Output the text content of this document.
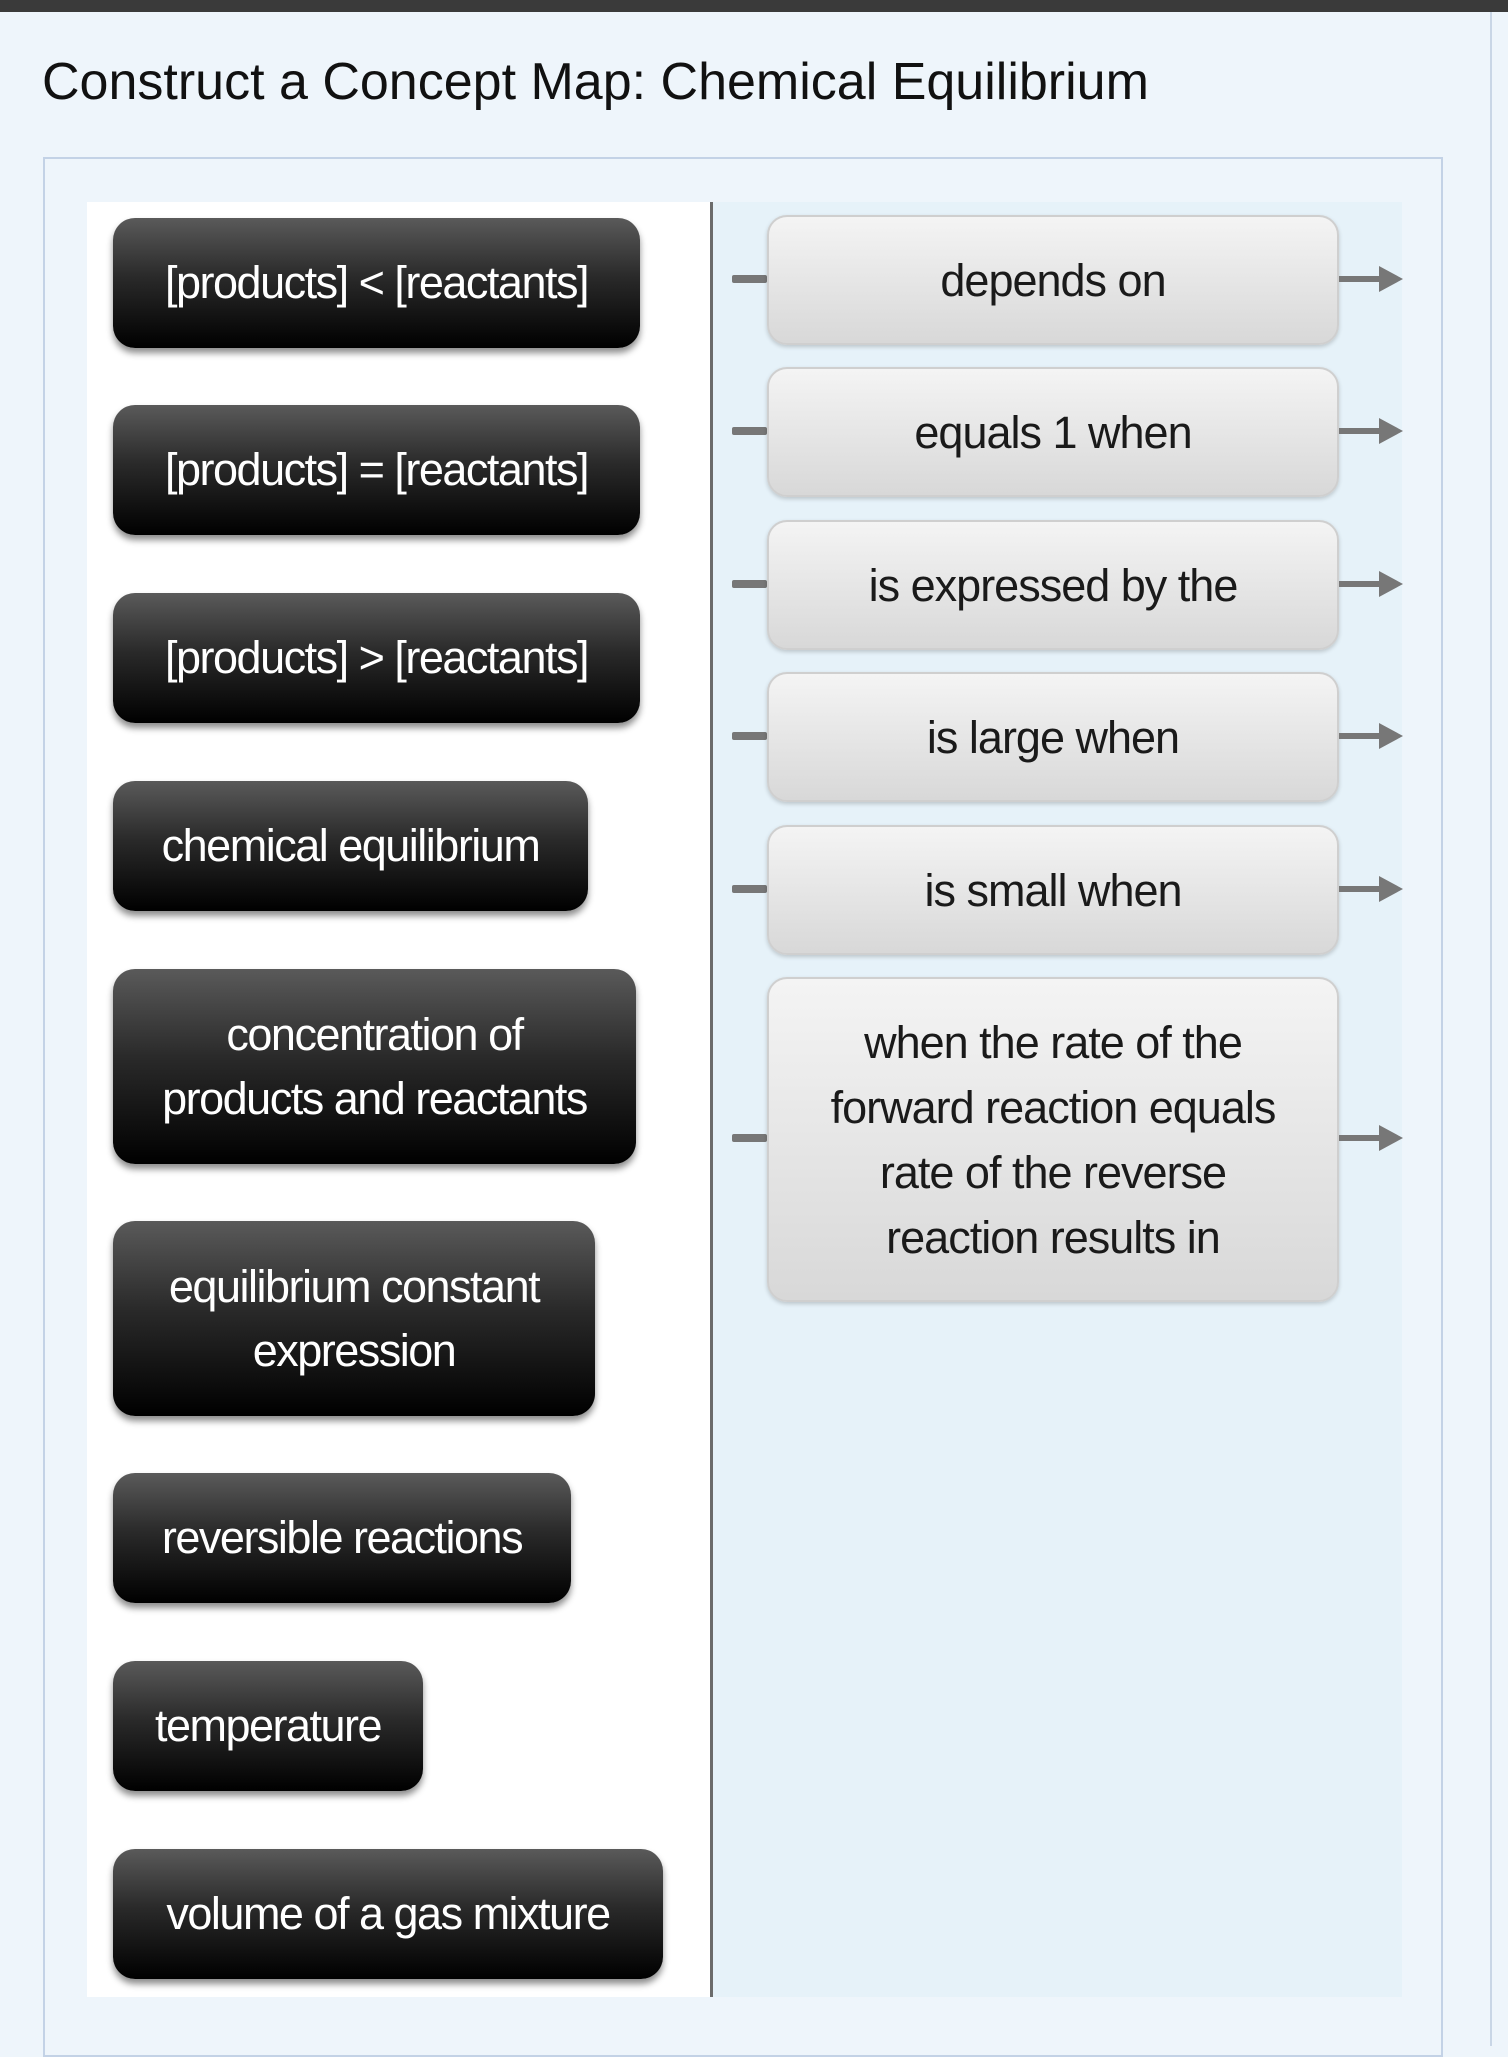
Construct a Concept Map: Chemical Equilibrium
[products] < [reactants]
[products] = [reactants]
[products] > [reactants]
chemical equilibrium
concentration of
products and reactants
equilibrium constant
expression
reversible reactions
temperature
volume of a gas mixture
depends on
equals 1 when
is expressed by the
is large when
is small when
when the rate of the
forward reaction equals
rate of the reverse
reaction results in
